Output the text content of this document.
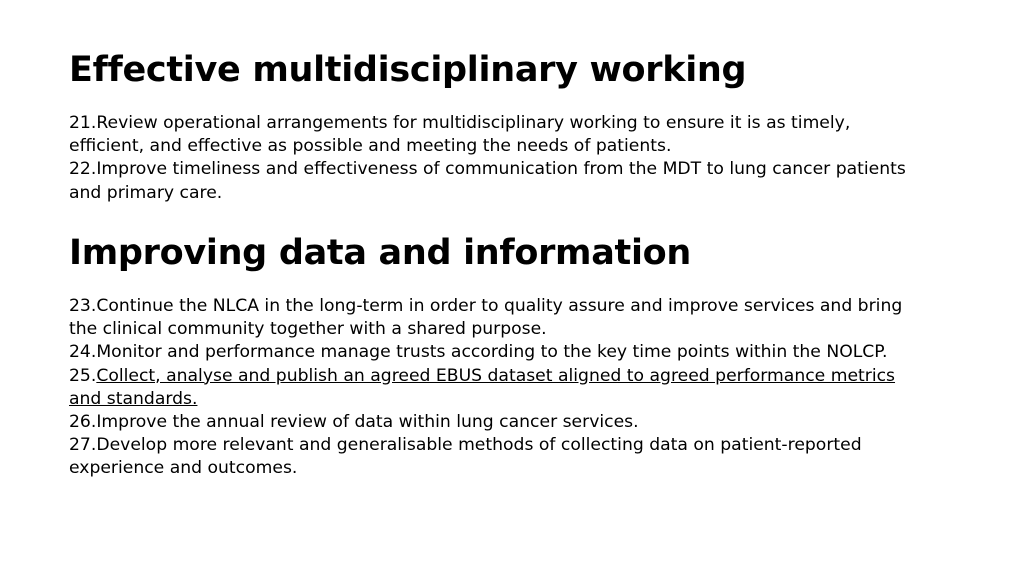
Effective multidisciplinary working

21.Review operational arrangements for multidisciplinary working to ensure it is as timely, efficient, and effective as possible and meeting the needs of patients.

22.Improve timeliness and effectiveness of communication from the MDT to lung cancer patients and primary care.

Improving data and information

23.Continue the NLCA in the long-term in order to quality assure and improve services and bring the clinical community together with a shared purpose.

24.Monitor and performance manage trusts according to the key time points within the NOLCP.

25.Collect, analyse and publish an agreed EBUS dataset aligned to agreed performance metrics and standards.

26.Improve the annual review of data within lung cancer services.

27.Develop more relevant and generalisable methods of collecting data on patient-reported experience and outcomes.
